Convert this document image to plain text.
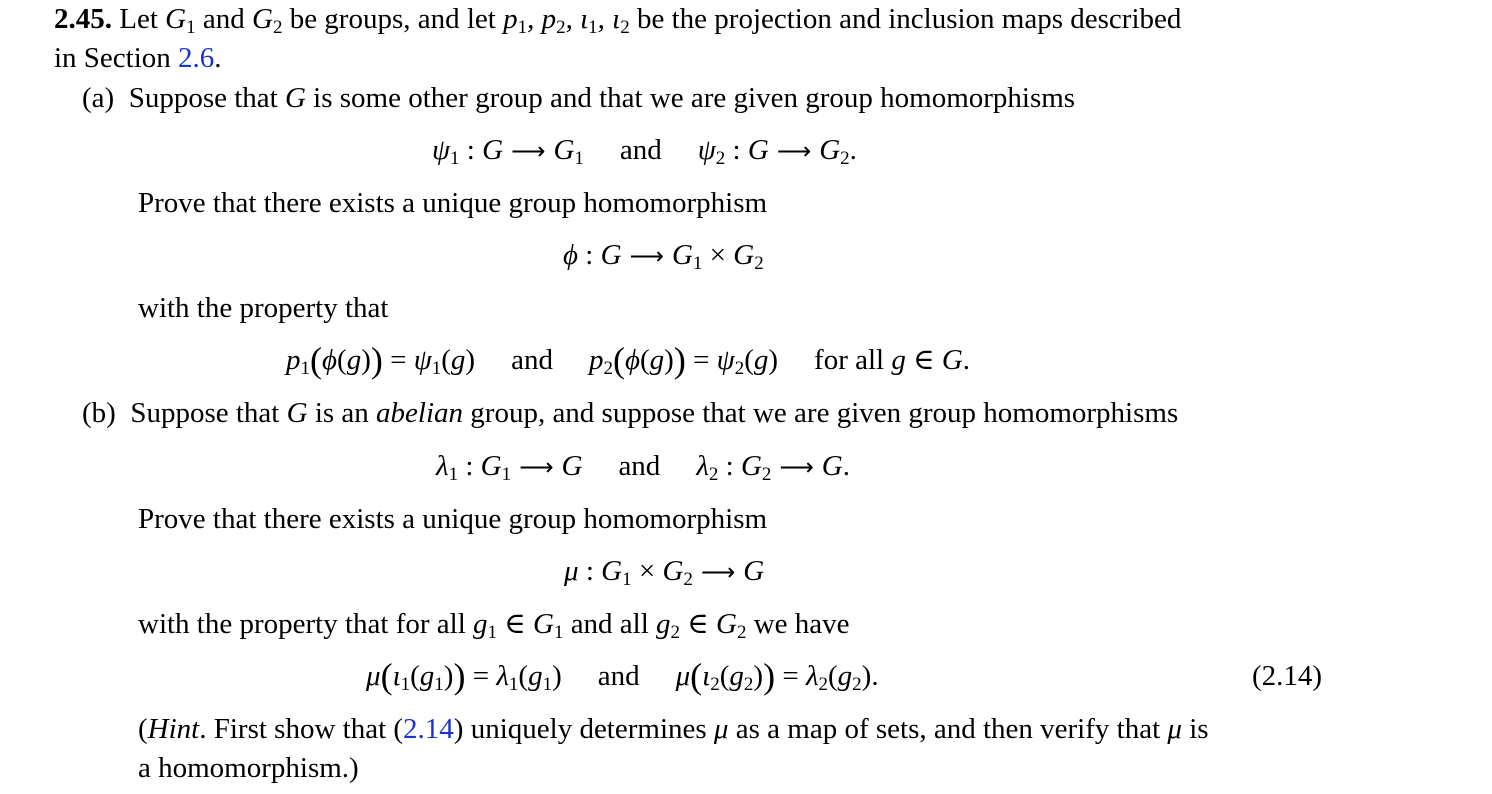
2.45. Let $G_1$ and $G_2$ be groups, and let $p_1$, $p_2$, $\iota_1$, $\iota_2$ be the projection and inclusion maps described
in Section 2.6.
(a) Suppose that G is some other group and that we are given group homomorphisms
$\psi_1$ : G ⟶ $G_1$ and $\psi_2$ : G ⟶ $G_2$.
Prove that there exists a unique group homomorphism
ϕ : G ⟶ $G_1 \times G_2$
with the property that
$p_1(\phi(g)) = \psi_1(g)$ and $p_2(\phi(g)) = \psi_2(g)$ for all g ∈ G.
(b) Suppose that G is an abelian group, and suppose that we are given group homomorphisms
$\lambda_1$ : $G_1$ ⟶ G and $\lambda_2$ : $G_2$ ⟶ G.
Prove that there exists a unique group homomorphism
μ : $G_1 \times G_2$ ⟶ G
with the property that for all $g_1$ ∈ $G_1$ and all $g_2$ ∈ $G_2$ we have
$\mu(\iota_1(g_1)) = \lambda_1(g_1)$ and $\mu(\iota_2(g_2)) = \lambda_2(g_2)$.	(2.14)
(Hint. First show that (2.14) uniquely determines μ as a map of sets, and then verify that μ is
a homomorphism.)
